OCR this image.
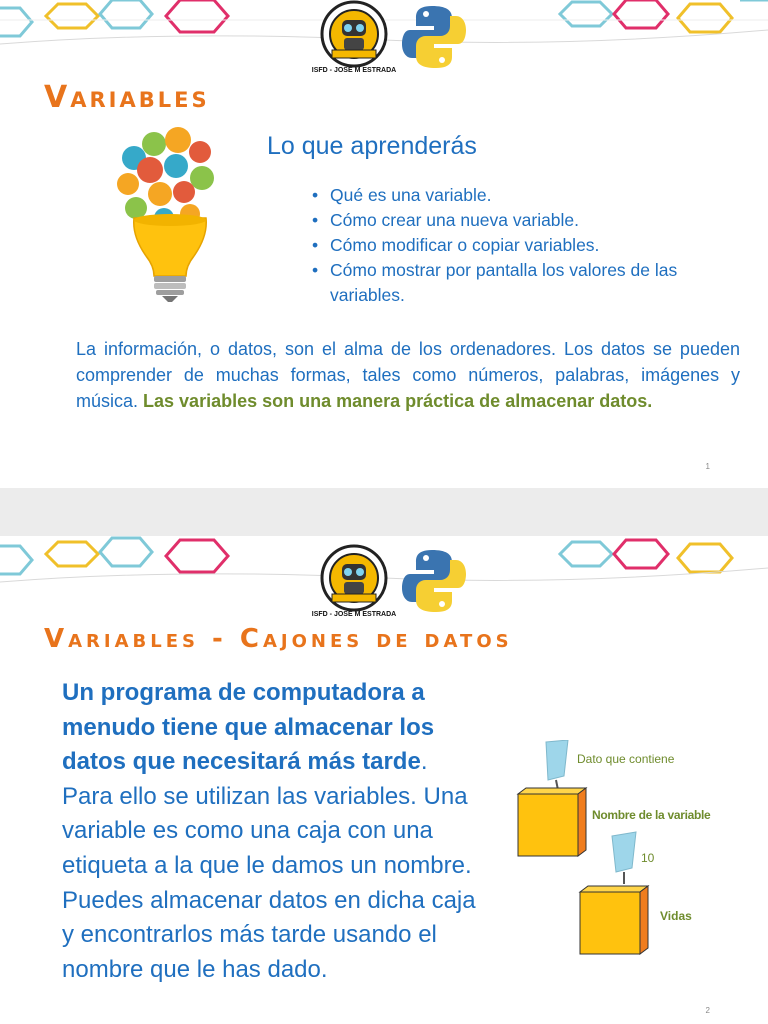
ISFD - JOSÉ M ESTRADA
Variables
Lo que aprenderás
• Qué es una variable.
• Cómo crear una nueva variable.
• Cómo modificar o copiar variables.
• Cómo mostrar por pantalla los valores de las variables.
La información, o datos, son el alma de los ordenadores. Los datos se pueden comprender de muchas formas, tales como números, palabras, imágenes y música. Las variables son una manera práctica de almacenar datos.
1
ISFD - JOSÉ M ESTRADA
Variables - Cajones de datos
Un programa de computadora a menudo tiene que almacenar los datos que necesitará más tarde. Para ello se utilizan las variables. Una variable es como una caja con una etiqueta a la que le damos un nombre. Puedes almacenar datos en dicha caja y encontrarlos más tarde usando el nombre que le has dado.
Dato que contiene
Nombre de la variable
10
Vidas
2
